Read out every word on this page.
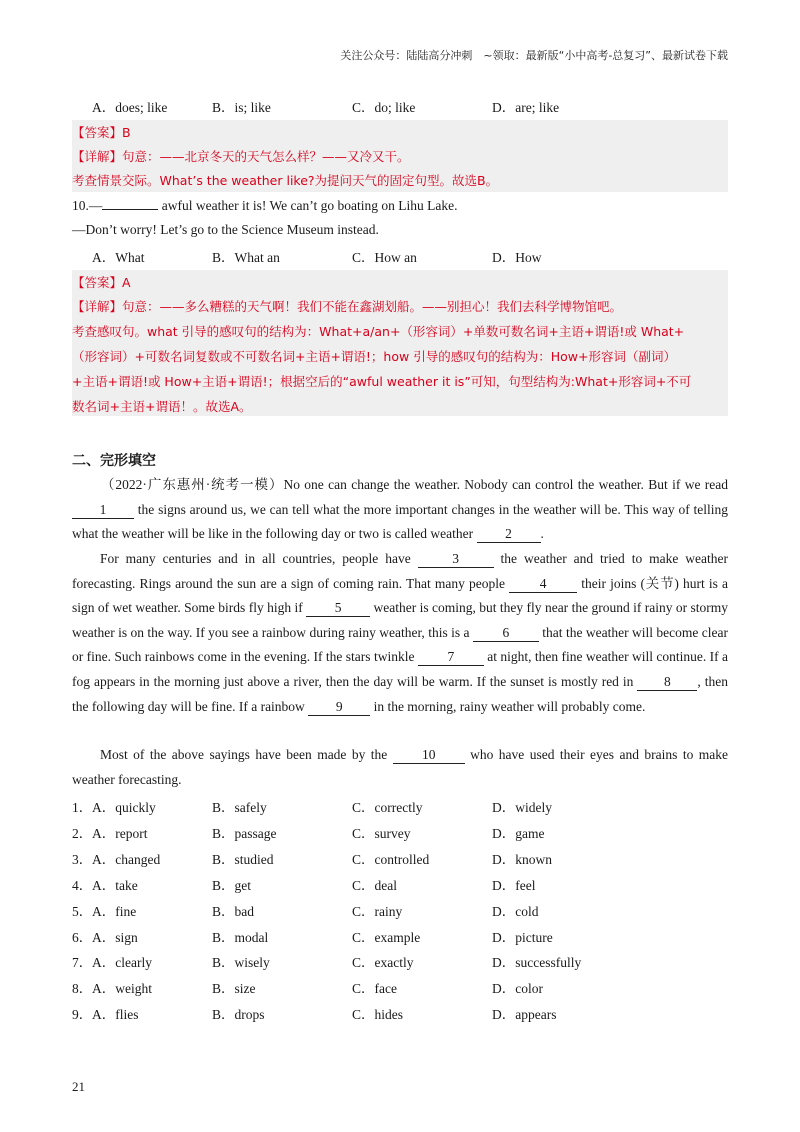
关注公众号：陆陆高分冲刺　~领取：最新版“小中高考-总复习”、最新试卷下载
A．does; like	B．is; like	C．do; like	D．are; like
【答案】B
【详解】句意：——北京冬天的天气怎么样？——又冷又干。
考查情景交际。What’s the weather like?为提问天气的固定句型。故选B。
10.—	awful weather it is! We can’t go boating on Lihu Lake.
—Don’t worry! Let’s go to the Science Museum instead.
A．What	B．What an	C．How an	D．How
【答案】A
【详解】句意：——多么糟糕的天气啊！我们不能在鑫湖划船。——别担心！我们去科学博物馆吧。
考查感叹句。what 引导的感叹句的结构为：What+a/an+（形容词）+单数可数名词+主语+谓语!或 What+
（形容词）+可数名词复数或不可数名词+主语+谓语!；how 引导的感叹句的结构为：How+形容词（副词）
+主语+谓语!或 How+主语+谓语!；根据空后的“awful weather it is”可知，句型结构为:What+形容词+不可
数名词+主语+谓语！。故选A。
二、完形填空
（2022·广东惠州·统考一模）No one can change the weather. Nobody can control the weather. But if we read 1 the signs around us, we can tell what the more important changes in the weather will be. This way of telling what the weather will be like in the following day or two is called weather 2 .
For many centuries and in all countries, people have	3	the weather and tried to make weather forecasting. Rings around the sun are a sign of coming rain. That many people 4 their joins (关节) hurt is a sign of wet weather. Some birds fly high if 5 weather is coming, but they fly near the ground if rainy or stormy weather is on the way. If you see a rainbow during rainy weather, this is a 6 that the weather will become clear or fine. Such rainbows come in the evening. If the stars twinkle 7 at night, then fine weather will continue. If a fog appears in the morning just above a river, then the day will be warm. If the sunset is mostly red in 8 , then the following day will be fine. If a rainbow 9 in the morning, rainy weather will probably come.
Most of the above sayings have been made by the 10 who have used their eyes and brains to make weather forecasting.
1． A．quickly	B．safely	C．correctly	D．widely
2． A．report	B．passage	C．survey	D．game
3． A．changed	B．studied	C．controlled	D．known
4． A．take	B．get	C．deal	D．feel
5． A．fine	B．bad	C．rainy	D．cold
6． A．sign	B．modal	C．example	D．picture
7． A．clearly	B．wisely	C．exactly	D．successfully
8． A．weight	B．size	C．face	D．color
9． A．flies	B．drops	C．hides	D．appears
21
